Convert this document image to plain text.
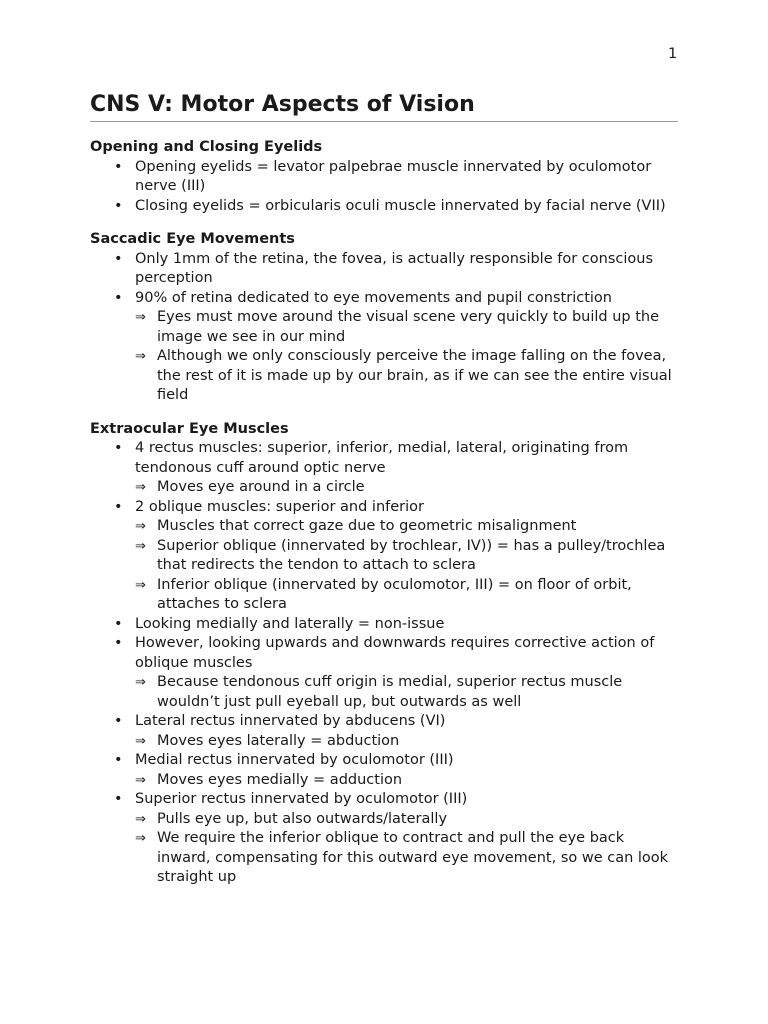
1
CNS V: Motor Aspects of Vision
Opening and Closing Eyelids
• Opening eyelids = levator palpebrae muscle innervated by oculomotor nerve (III)
• Closing eyelids = orbicularis oculi muscle innervated by facial nerve (VII)
Saccadic Eye Movements
• Only 1mm of the retina, the fovea, is actually responsible for conscious perception
• 90% of retina dedicated to eye movements and pupil constriction
⇒ Eyes must move around the visual scene very quickly to build up the image we see in our mind
⇒ Although we only consciously perceive the image falling on the fovea, the rest of it is made up by our brain, as if we can see the entire visual field
Extraocular Eye Muscles
• 4 rectus muscles: superior, inferior, medial, lateral, originating from tendonous cuff around optic nerve
⇒ Moves eye around in a circle
• 2 oblique muscles: superior and inferior
⇒ Muscles that correct gaze due to geometric misalignment
⇒ Superior oblique (innervated by trochlear, IV)) = has a pulley/trochlea that redirects the tendon to attach to sclera
⇒ Inferior oblique (innervated by oculomotor, III) = on floor of orbit, attaches to sclera
• Looking medially and laterally = non-issue
• However, looking upwards and downwards requires corrective action of oblique muscles
⇒ Because tendonous cuff origin is medial, superior rectus muscle wouldn’t just pull eyeball up, but outwards as well
• Lateral rectus innervated by abducens (VI)
⇒ Moves eyes laterally = abduction
• Medial rectus innervated by oculomotor (III)
⇒ Moves eyes medially = adduction
• Superior rectus innervated by oculomotor (III)
⇒ Pulls eye up, but also outwards/laterally
⇒ We require the inferior oblique to contract and pull the eye back inward, compensating for this outward eye movement, so we can look straight up
